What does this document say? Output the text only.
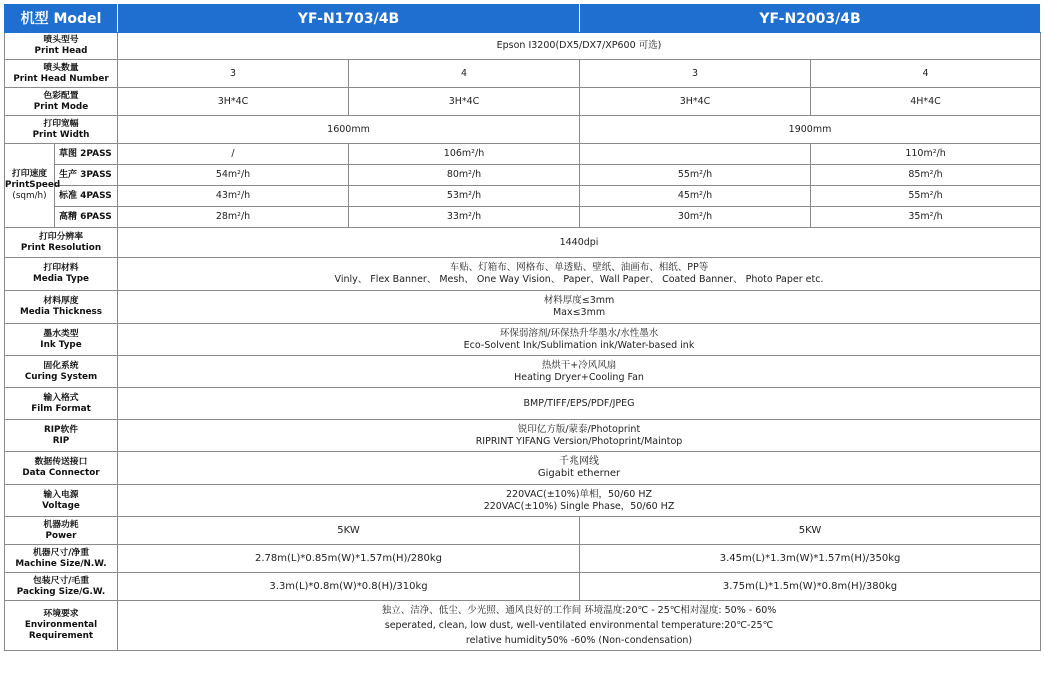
机型 Model		YF-N1703/4B		YF-N2003/4B	

喷头型号
Print Head		Epson I3200(DX5/DX7/XP600 可选)			

喷头数量
Print Head Number		3	4	3	4

色彩配置
Print Mode		3H*4C	3H*4C	3H*4C	4H*4C

打印宽幅
Print Width		1600mm		1900mm	

打印速度
PrintSpeed
(sqm/h)	草图 2PASS	/	106m²/h		110m²/h
	生产 3PASS	54m²/h	80m²/h	55m²/h	85m²/h
	标准 4PASS	43m²/h	53m²/h	45m²/h	55m²/h
	高精 6PASS	28m²/h	33m²/h	30m²/h	35m²/h

打印分辨率
Print Resolution		1440dpi			

打印材料
Media Type		车贴、灯箱布、网格布、单透贴、壁纸、油画布、相纸、PP等
Vinly、 Flex Banner、 Mesh、 One Way Vision、 Paper、Wall Paper、 Coated Banner、 Photo Paper etc.			

材料厚度
Media Thickness		材料厚度≤3mm
Max≤3mm			

墨水类型
Ink Type		环保弱溶剂/环保热升华墨水/水性墨水
Eco-Solvent Ink/Sublimation ink/Water-based ink			

固化系统
Curing System		热烘干+冷风风扇
Heating Dryer+Cooling Fan			

输入格式
Film Format		BMP/TIFF/EPS/PDF/JPEG			

RIP软件
RIP		锐印亿方版/蒙泰/Photoprint
RIPRINT YIFANG Version/Photoprint/Maintop			

数据传送接口
Data Connector		千兆网线
Gigabit etherner			

输入电源
Voltage		220VAC(±10%)单相，50/60 HZ
220VAC(±10%) Single Phase，50/60 HZ			

机器功耗
Power		5KW		5KW	

机器尺寸/净重
Machine Size/N.W.		2.78m(L)*0.85m(W)*1.57m(H)/280kg		3.45m(L)*1.3m(W)*1.57m(H)/350kg	

包装尺寸/毛重
Packing Size/G.W.		3.3m(L)*0.8m(W)*0.8(H)/310kg		3.75m(L)*1.5m(W)*0.8m(H)/380kg	

环境要求
Environmental
Requirement		独立、洁净、低尘、少光照、通风良好的工作间 环境温度:20℃ - 25℃相对湿度: 50% - 60%
seperated, clean, low dust, well-ventilated environmental temperature:20℃-25℃
relative humidity50% -60% (Non-condensation)			
